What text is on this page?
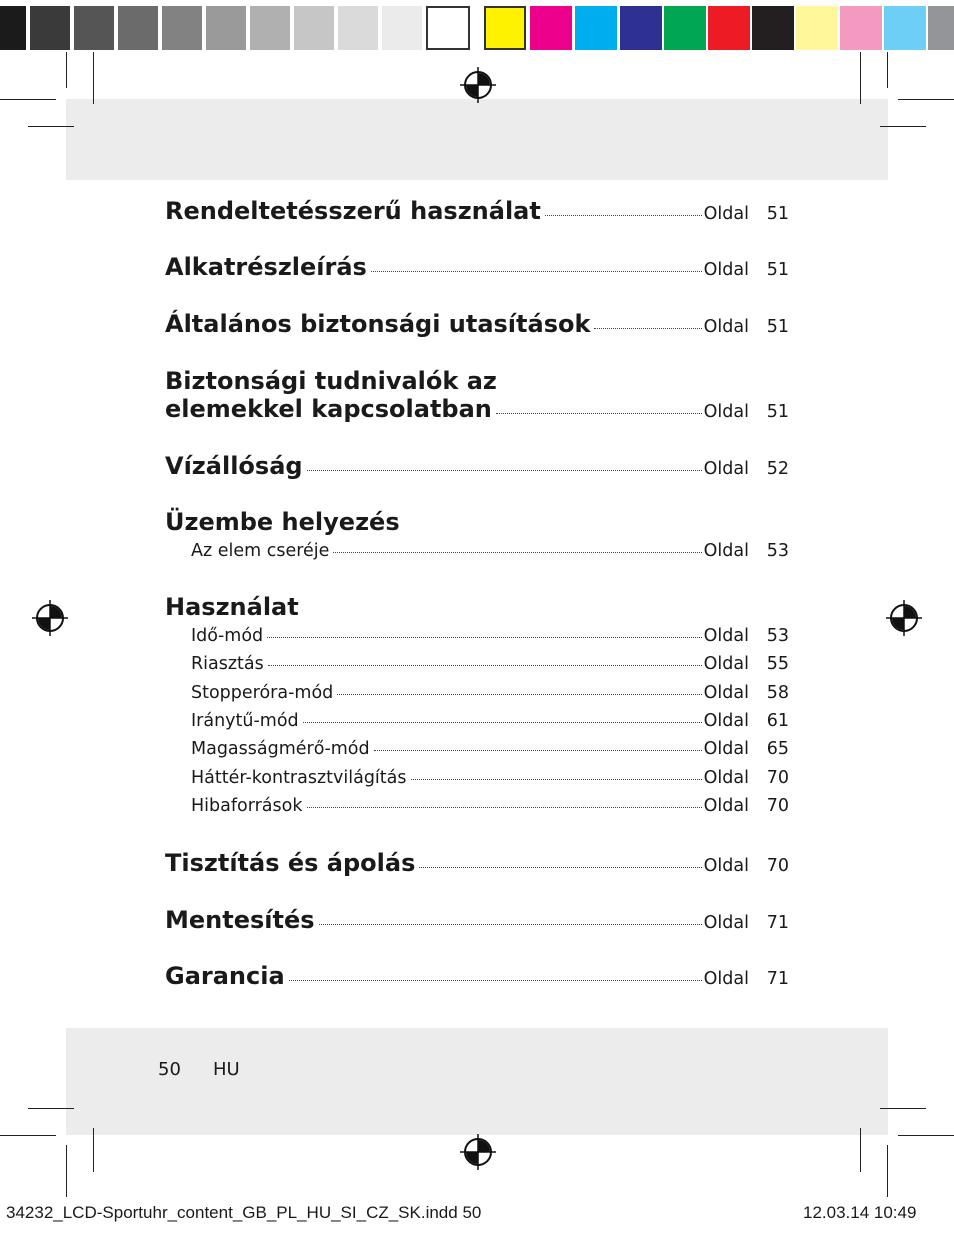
Rendeltetésszerű használat	Oldal	51
Alkatrészleírás	Oldal	51
Általános biztonsági utasítások	Oldal	51
Biztonsági tudnivalók az
elemekkel kapcsolatban	Oldal	51
Vízállóság	Oldal	52
Üzembe helyezés
Az elem cseréje	Oldal	53
Használat
Idő-mód	Oldal	53
Riasztás	Oldal	55
Stopperóra-mód	Oldal	58
Iránytű-mód	Oldal	61
Magasságmérő-mód	Oldal	65
Háttér-kontrasztvilágítás	Oldal	70
Hibaforrások	Oldal	70
Tisztítás és ápolás	Oldal	70
Mentesítés	Oldal	71
Garancia	Oldal	71
50 HU
34232_LCD-Sportuhr_content_GB_PL_HU_SI_CZ_SK.indd 50	12.03.14 10:49
